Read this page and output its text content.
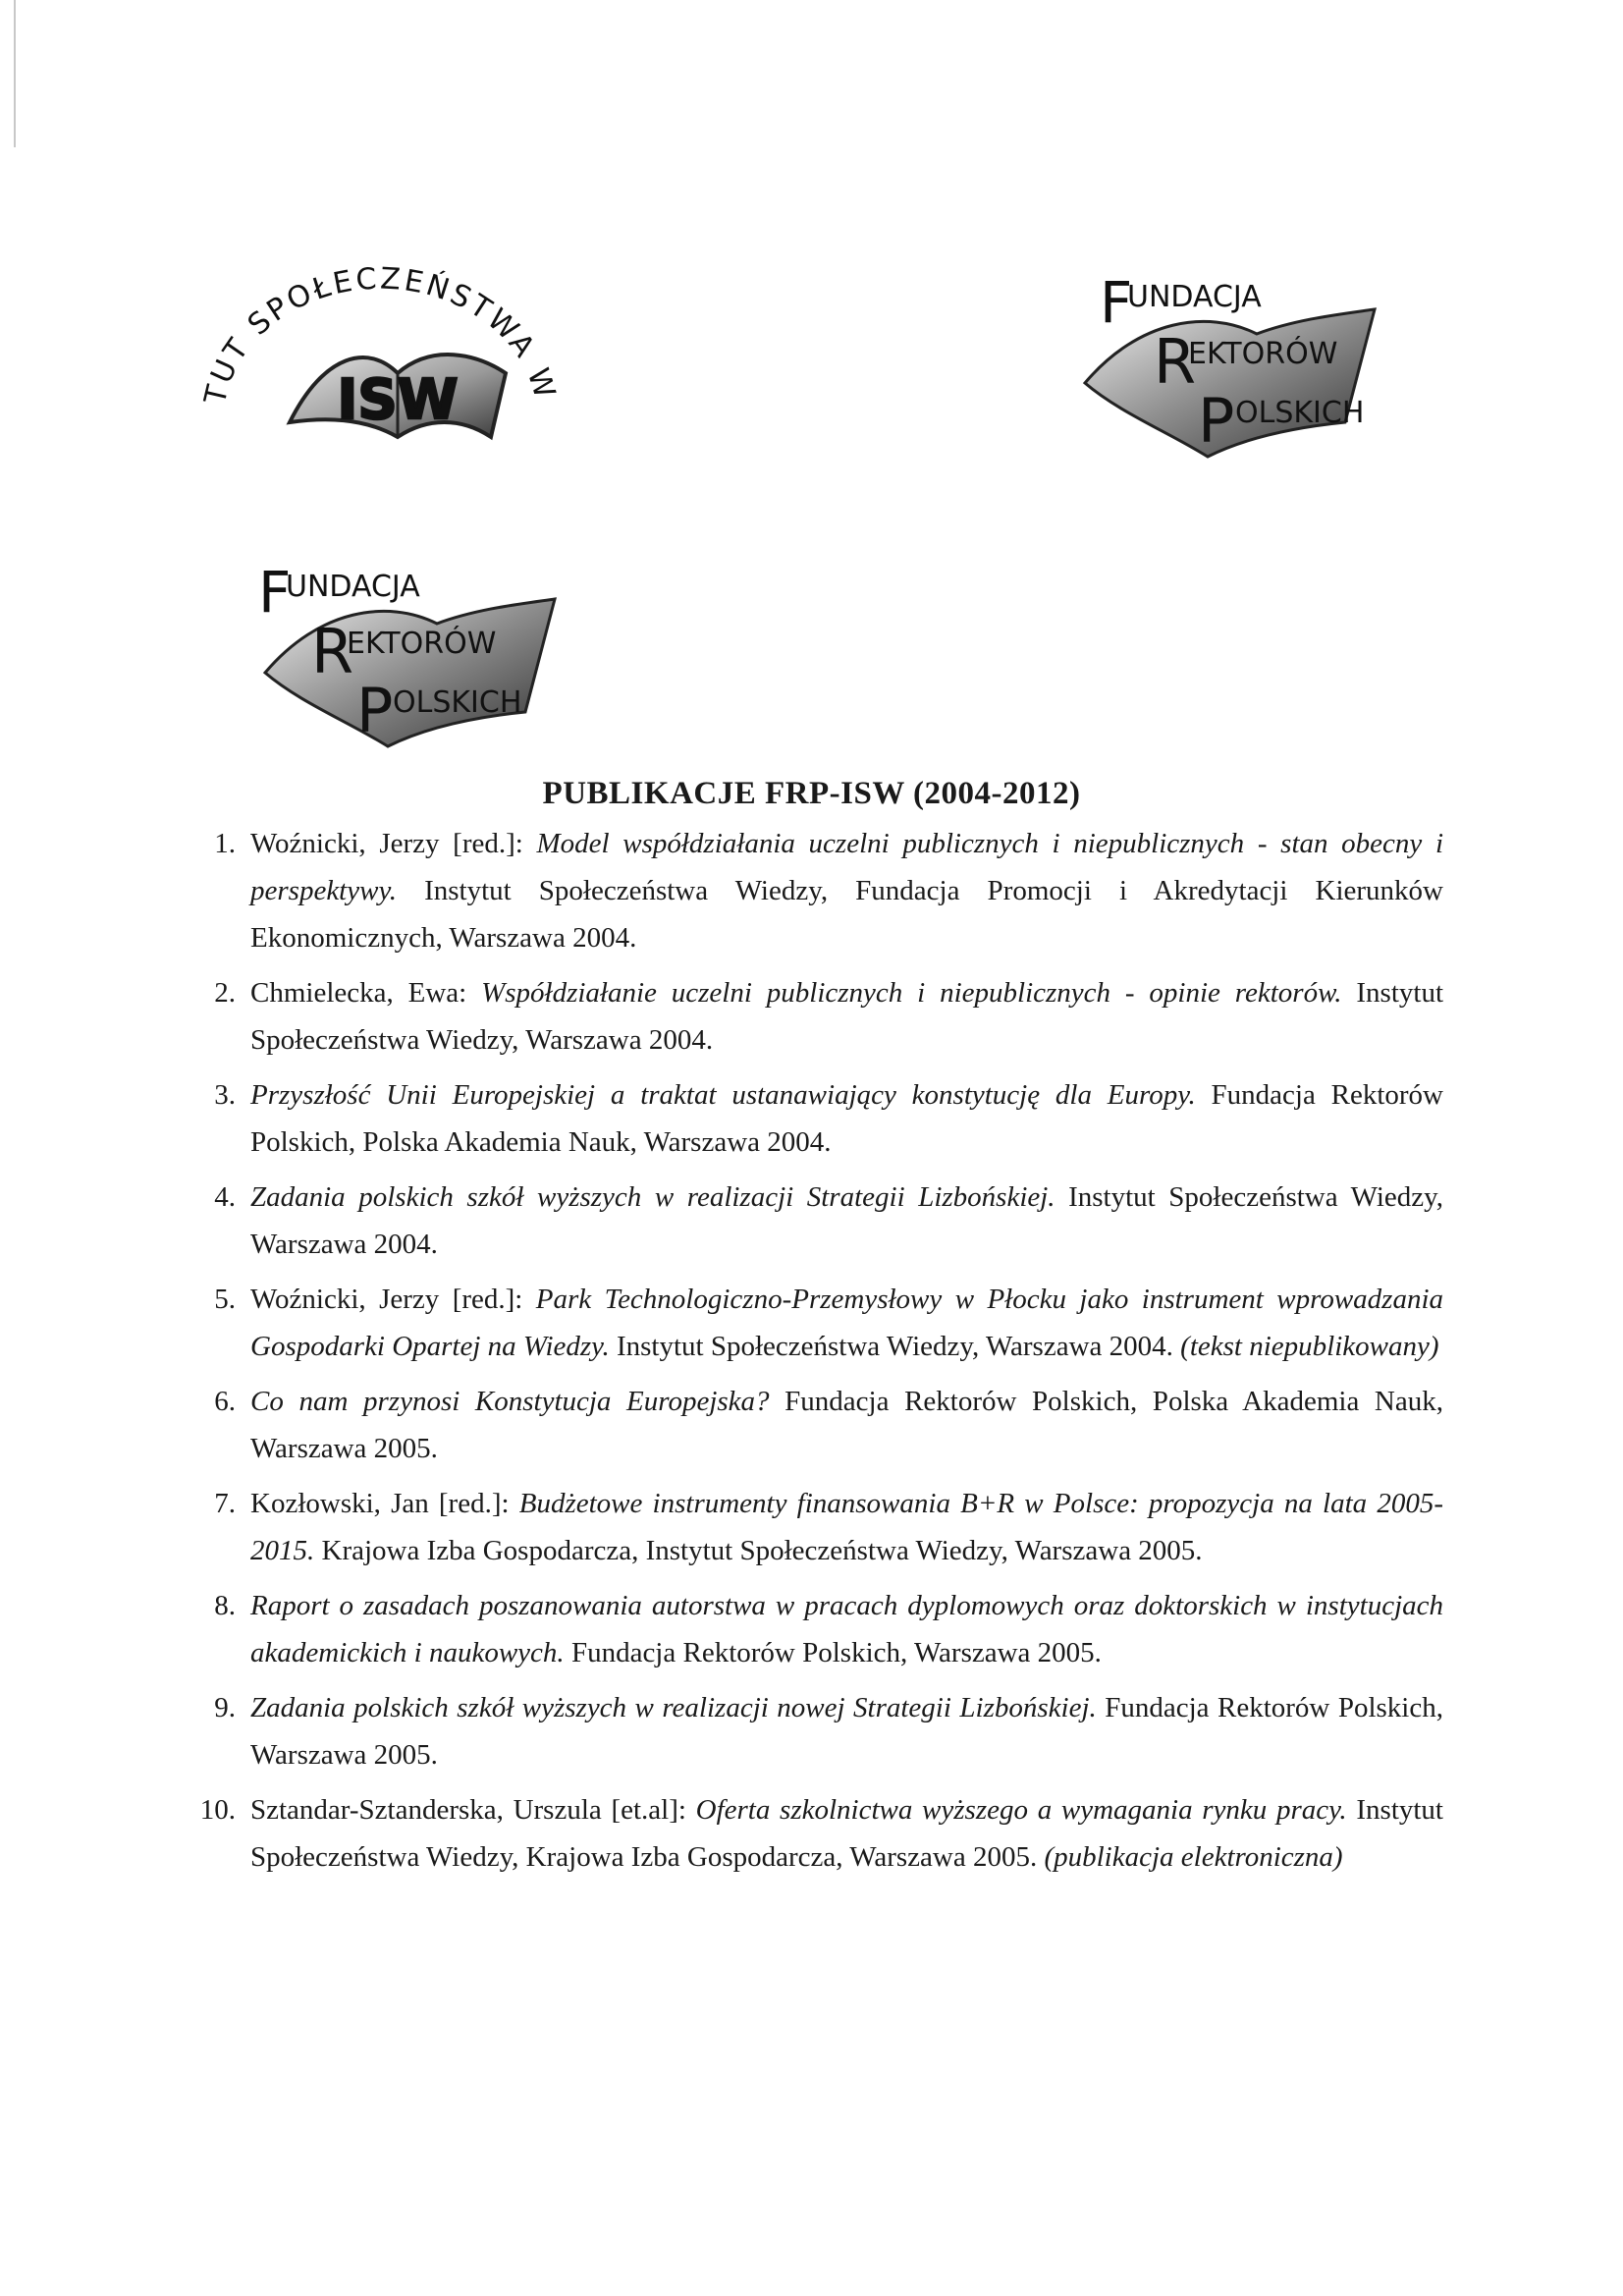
INSTYTUT SPOŁECZEŃSTWA WIEDZY
ISW
F
UNDACJA
R
EKTORÓW
P OLSKICH
F
UNDACJA
R
EKTORÓW
P OLSKICH
PUBLIKACJE FRP-ISW (2004-2012)
1. Woźnicki, Jerzy [red.]: Model współdziałania uczelni publicznych i niepublicznych - stan obecny i perspektywy. Instytut Społeczeństwa Wiedzy, Fundacja Promocji i Akredytacji Kierunków Ekonomicznych, Warszawa 2004.
2. Chmielecka, Ewa: Współdziałanie uczelni publicznych i niepublicznych - opinie rektorów. Instytut Społeczeństwa Wiedzy, Warszawa 2004.
3. Przyszłość Unii Europejskiej a traktat ustanawiający konstytucję dla Europy. Fundacja Rektorów Polskich, Polska Akademia Nauk, Warszawa 2004.
4. Zadania polskich szkół wyższych w realizacji Strategii Lizbońskiej. Instytut Społeczeństwa Wiedzy, Warszawa 2004.
5. Woźnicki, Jerzy [red.]: Park Technologiczno-Przemysłowy w Płocku jako instrument wprowadzania Gospodarki Opartej na Wiedzy. Instytut Społeczeństwa Wiedzy, Warszawa 2004. (tekst niepublikowany)
6. Co nam przynosi Konstytucja Europejska? Fundacja Rektorów Polskich, Polska Akademia Nauk, Warszawa 2005.
7. Kozłowski, Jan [red.]: Budżetowe instrumenty finansowania B+R w Polsce: propozycja na lata 2005-2015. Krajowa Izba Gospodarcza, Instytut Społeczeństwa Wiedzy, Warszawa 2005.
8. Raport o zasadach poszanowania autorstwa w pracach dyplomowych oraz doktorskich w instytucjach akademickich i naukowych. Fundacja Rektorów Polskich, Warszawa 2005.
9. Zadania polskich szkół wyższych w realizacji nowej Strategii Lizbońskiej. Fundacja Rektorów Polskich, Warszawa 2005.
10. Sztandar-Sztanderska, Urszula [et.al]: Oferta szkolnictwa wyższego a wymagania rynku pracy. Instytut Społeczeństwa Wiedzy, Krajowa Izba Gospodarcza, Warszawa 2005. (publikacja elektroniczna)
